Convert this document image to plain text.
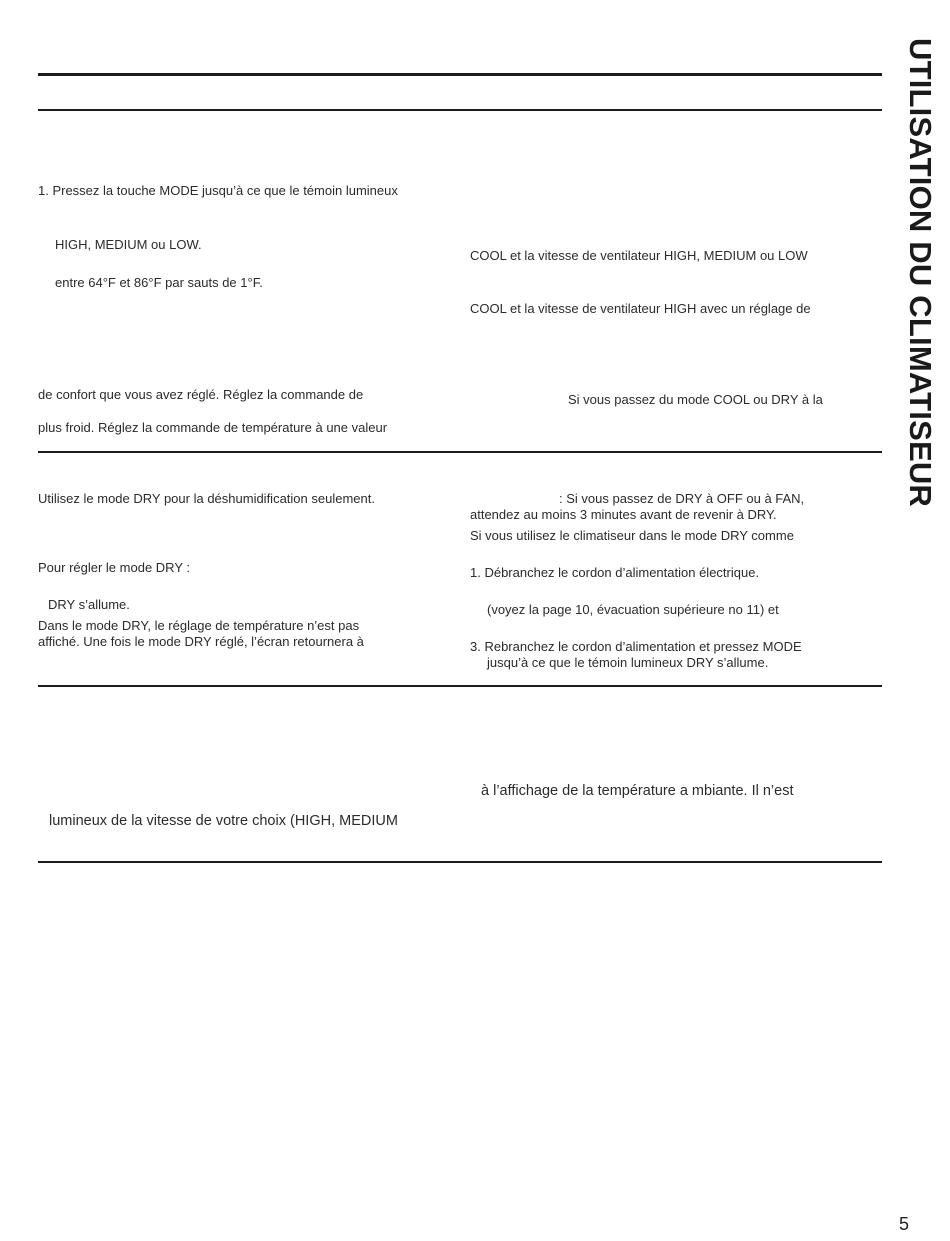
UTILISATION DU CLIMATISEUR
1. Pressez la touche MODE jusqu’à ce que le témoin lumineux
HIGH, MEDIUM ou LOW.
entre 64°F et 86°F par sauts de 1°F.
de confort que vous avez réglé. Réglez la commande de
plus froid. Réglez la commande de température à une valeur
COOL et la vitesse de ventilateur HIGH, MEDIUM ou LOW
COOL et la vitesse de ventilateur HIGH avec un réglage de
Si vous passez du mode COOL ou DRY à la
Utilisez le mode DRY pour la déshumidification seulement.
Pour régler le mode DRY :
DRY s’allume.
Dans le mode DRY, le réglage de température n’est pas
affiché. Une fois le mode DRY réglé, l’écran retournera à
: Si vous passez de DRY à OFF ou à FAN,
attendez au moins 3 minutes avant de revenir à DRY.
Si vous utilisez le climatiseur dans le mode DRY comme
1. Débranchez le cordon d’alimentation électrique.
(voyez la page 10, évacuation supérieure no 11) et
3. Rebranchez le cordon d’alimentation et pressez MODE
jusqu’à ce que le témoin lumineux DRY s’allume.
lumineux de la vitesse de votre choix (HIGH, MEDIUM
à l’affichage de la température a mbiante. Il n’est
5
